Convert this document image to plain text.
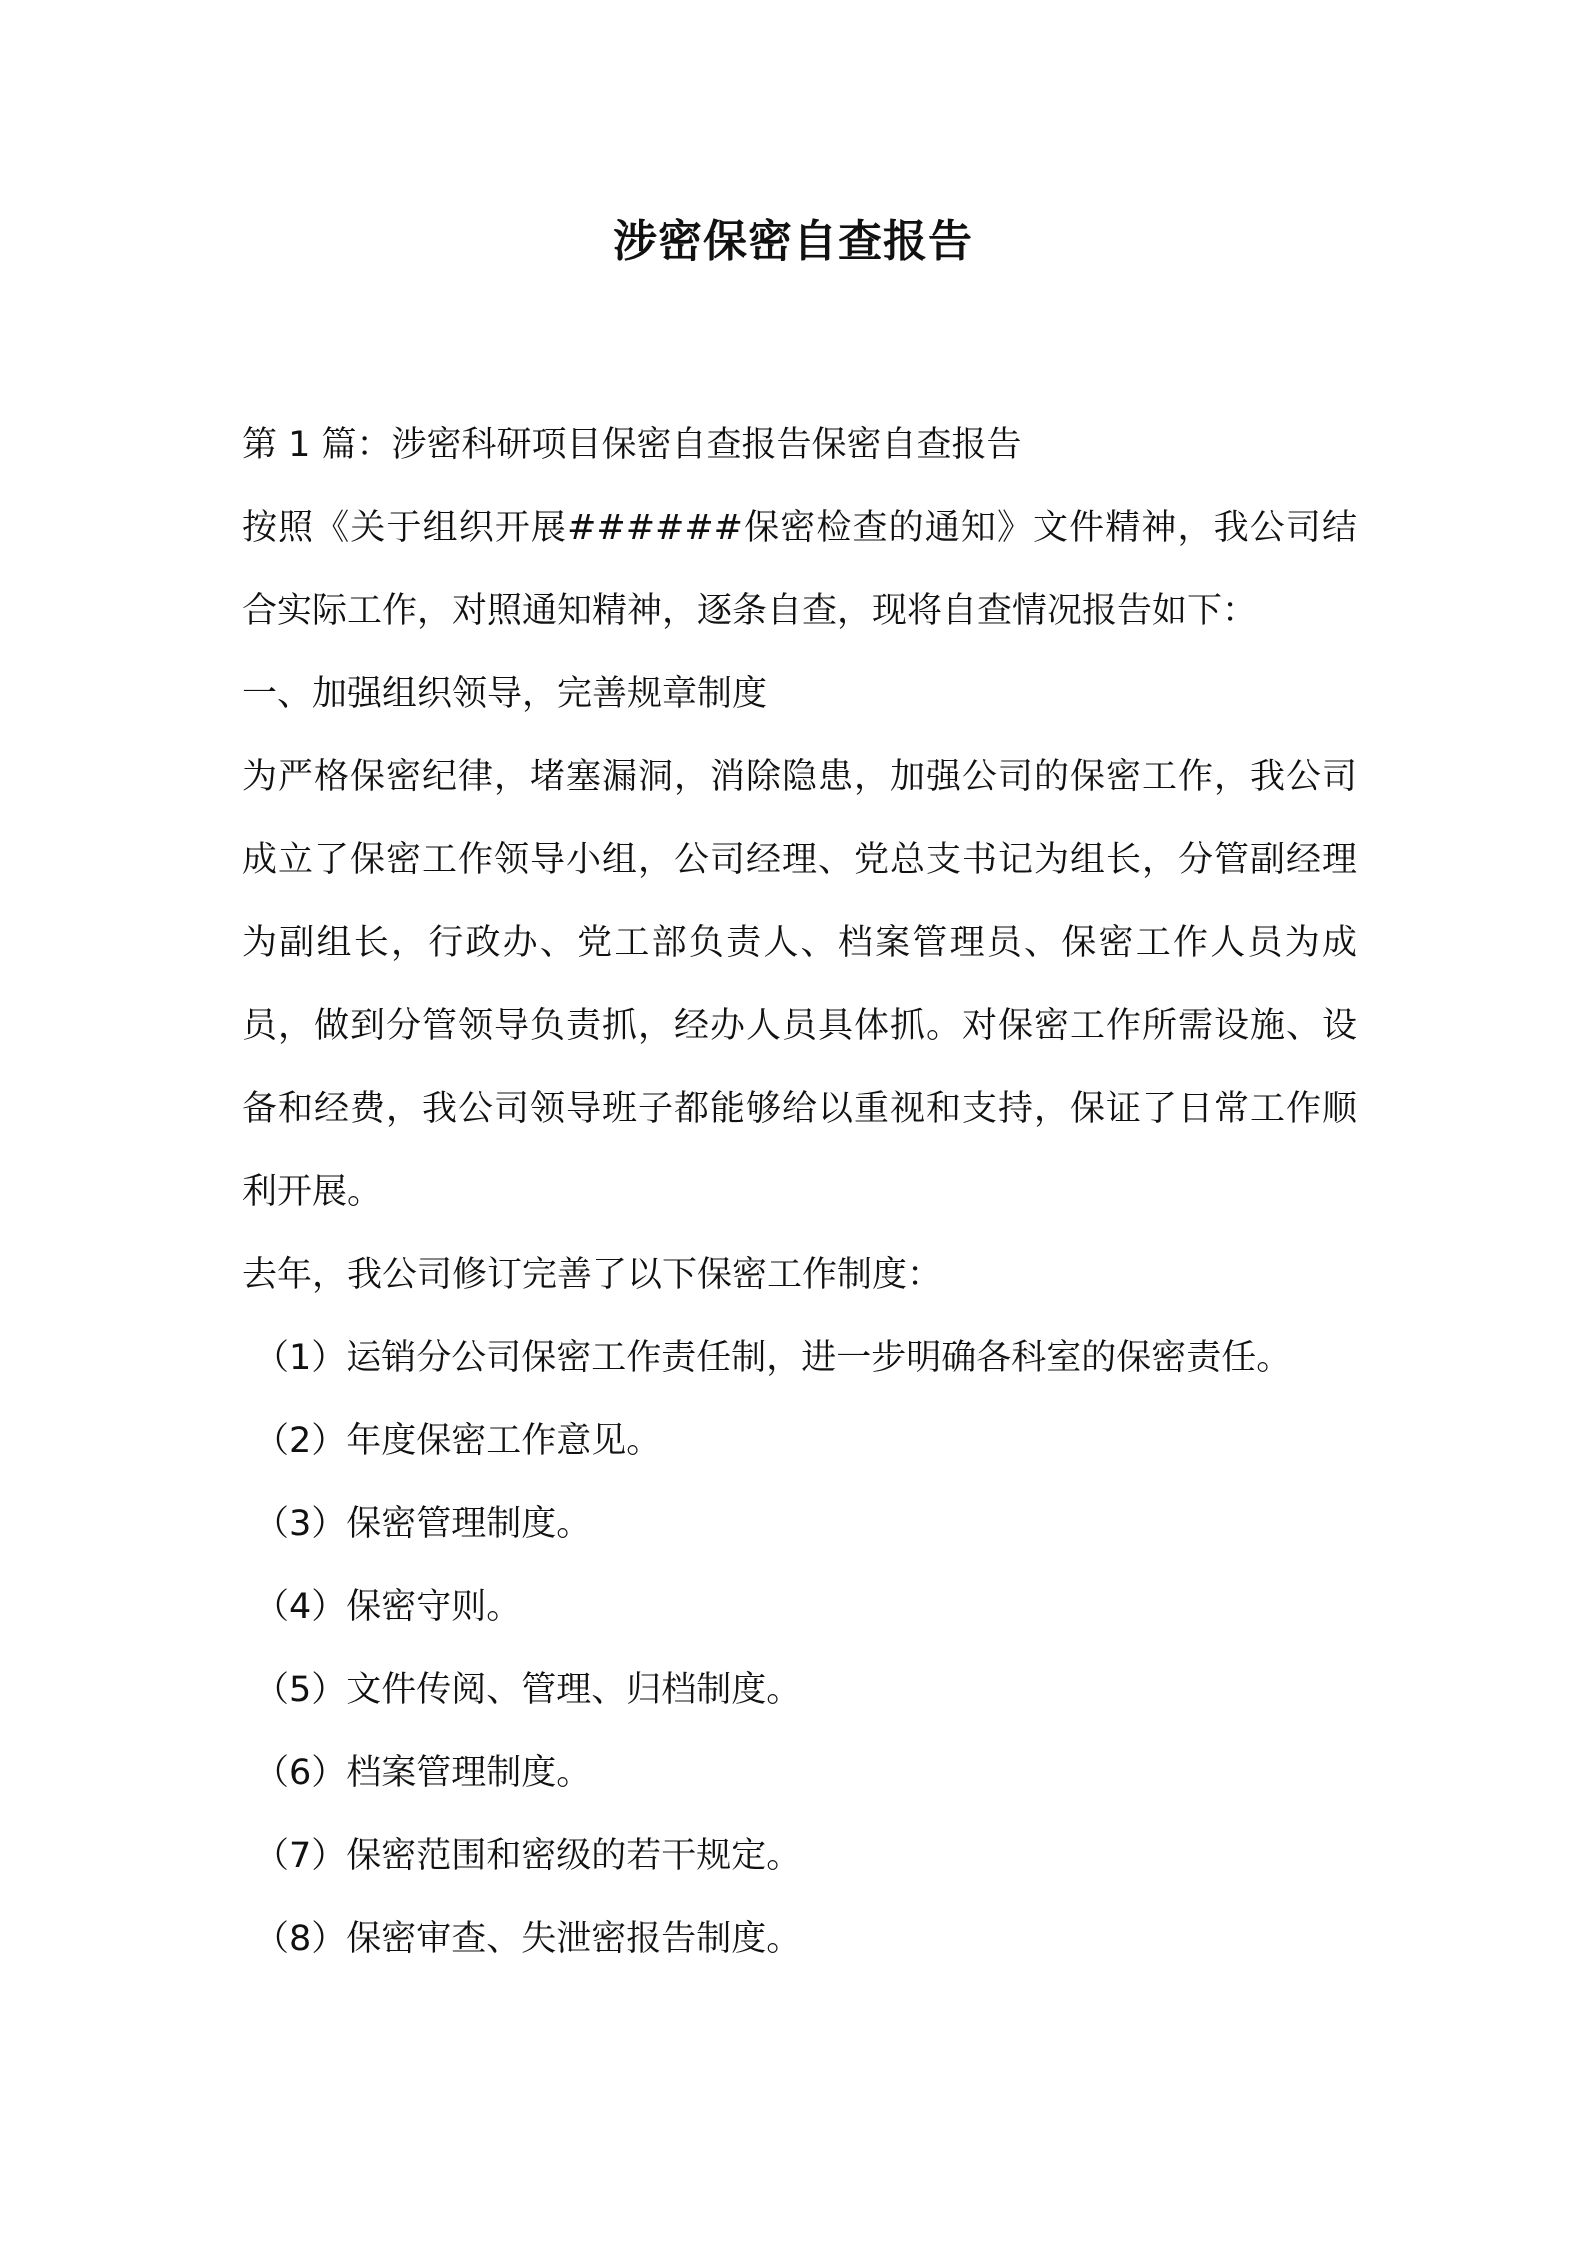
涉密保密自查报告

第 1 篇：涉密科研项目保密自查报告保密自查报告

按照《关于组织开展######保密检查的通知》文件精神，我公司结合实际工作，对照通知精神，逐条自查，现将自查情况报告如下：

一、加强组织领导，完善规章制度

为严格保密纪律，堵塞漏洞，消除隐患，加强公司的保密工作，我公司成立了保密工作领导小组，公司经理、党总支书记为组长，分管副经理为副组长，行政办、党工部负责人、档案管理员、保密工作人员为成员，做到分管领导负责抓，经办人员具体抓。对保密工作所需设施、设备和经费，我公司领导班子都能够给以重视和支持，保证了日常工作顺利开展。

去年，我公司修订完善了以下保密工作制度：

（1）运销分公司保密工作责任制，进一步明确各科室的保密责任。

（2）年度保密工作意见。

（3）保密管理制度。

（4）保密守则。

（5）文件传阅、管理、归档制度。

（6）档案管理制度。

（7）保密范围和密级的若干规定。

（8）保密审查、失泄密报告制度。
